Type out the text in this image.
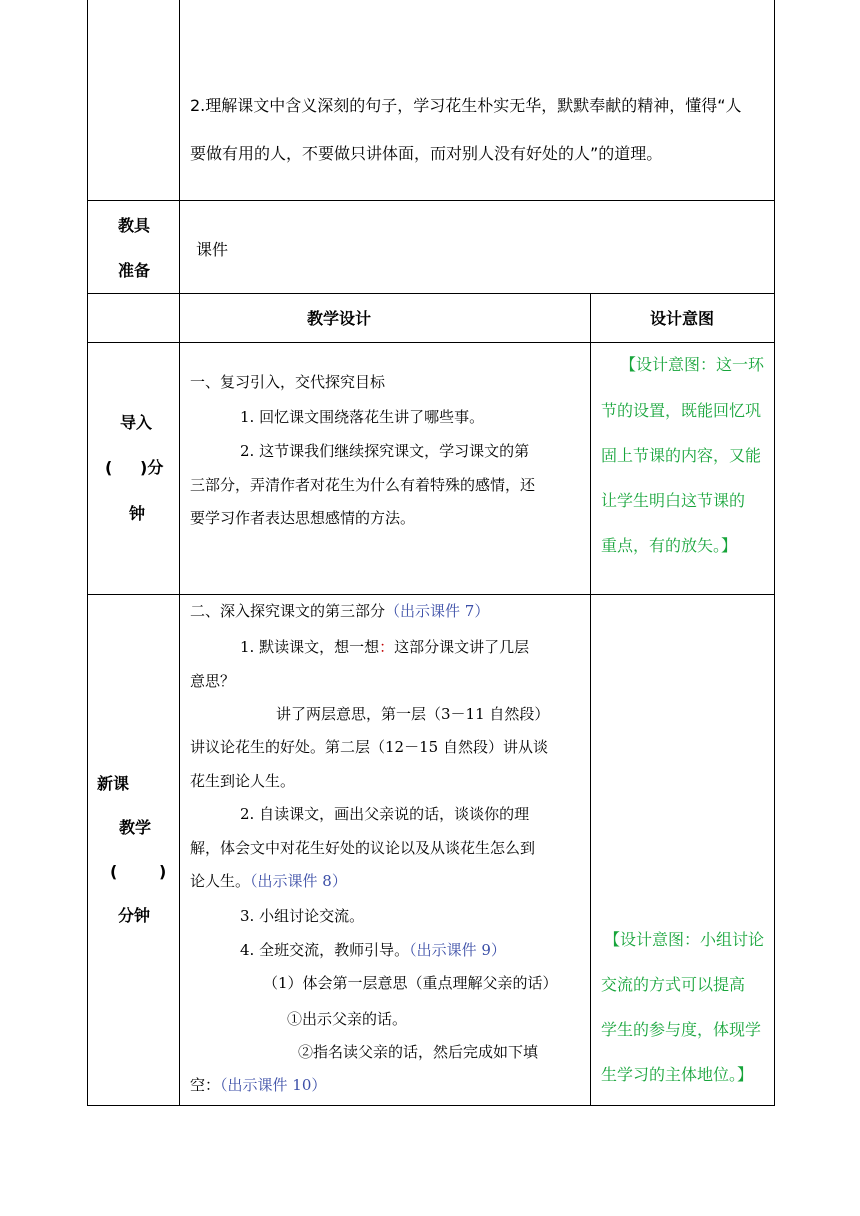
2.理解课文中含义深刻的句子，学习花生朴实无华，默默奉献的精神，懂得“人
要做有用的人，不要做只讲体面，而对别人没有好处的人”的道理。
教具
准备
课件
教学设计	设计意图
导入
( )分
钟
一、复习引入，交代探究目标
1. 回忆课文围绕落花生讲了哪些事。
2. 这节课我们继续探究课文，学习课文的第
三部分，弄清作者对花生为什么有着特殊的感情，还
要学习作者表达思想感情的方法。
【设计意图：这一环
节的设置，既能回忆巩
固上节课的内容，又能
让学生明白这节课的
重点，有的放矢。】
新课
教学
(	)
分钟
二、深入探究课文的第三部分（出示课件 7）
1. 默读课文，想一想：这部分课文讲了几层
意思？
讲了两层意思，第一层（3－11 自然段）
讲议论花生的好处。第二层（12－15 自然段）讲从谈
花生到论人生。
2. 自读课文，画出父亲说的话，谈谈你的理
解，体会文中对花生好处的议论以及从谈花生怎么到
论人生。（出示课件 8）
3. 小组讨论交流。
4. 全班交流，教师引导。（出示课件 9）
（1）体会第一层意思（重点理解父亲的话）
①出示父亲的话。
②指名读父亲的话，然后完成如下填
空：（出示课件 10）
【设计意图：小组讨论
交流的方式可以提高
学生的参与度，体现学
生学习的主体地位。】
